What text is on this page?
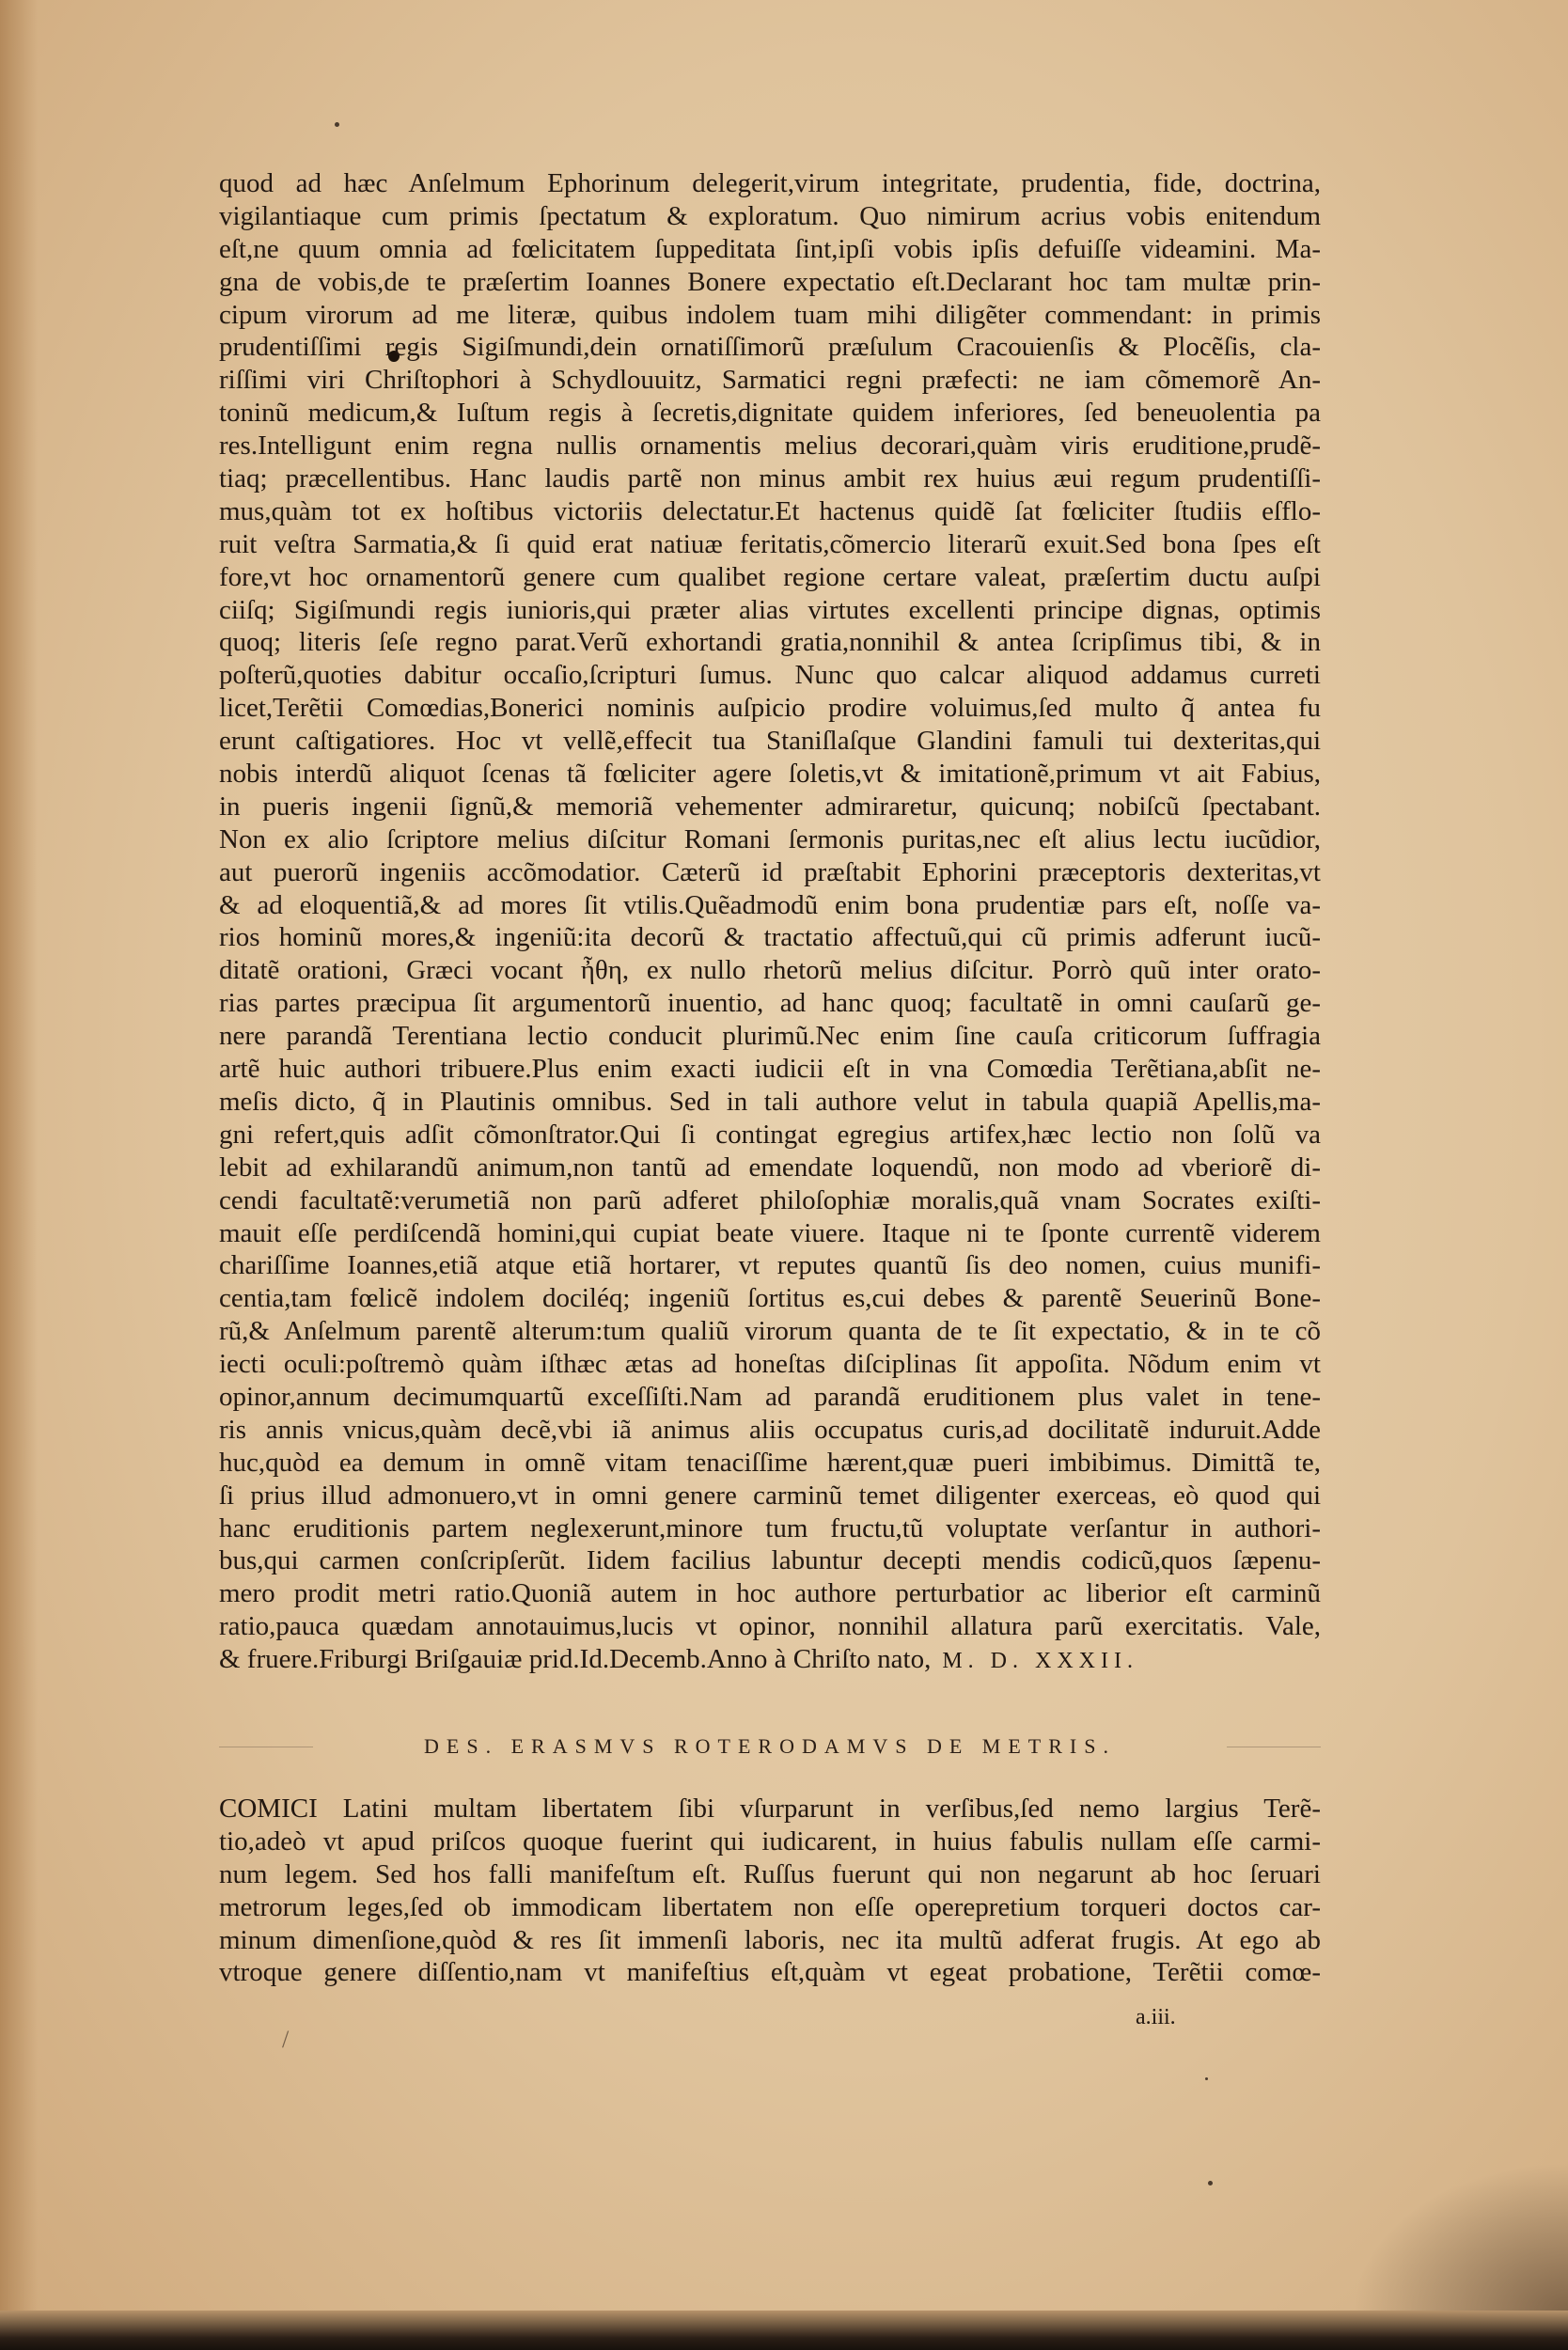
quod ad hæc Anſelmum Ephorinum delegerit,virum integritate, prudentia, fide, doctrina,
vigilantiaque cum primis ſpectatum & exploratum. Quo nimirum acrius vobis enitendum
eſt,ne quum omnia ad fœlicitatem ſuppeditata ſint,ipſi vobis ipſis defuiſſe videamini. Ma-
gna de vobis,de te præſertim Ioannes Bonere expectatio eſt.Declarant hoc tam multæ prin-
cipum virorum ad me literæ, quibus indolem tuam mihi diligẽter commendant: in primis
prudentiſſimi regis Sigiſmundi,dein ornatiſſimorũ præſulum Cracouienſis & Plocẽſis, cla-
riſſimi viri Chriſtophori à Schydlouuitz, Sarmatici regni præfecti: ne iam cõmemorẽ An-
toninũ medicum,& Iuſtum regis à ſecretis,dignitate quidem inferiores, ſed beneuolentia pa
res.Intelligunt enim regna nullis ornamentis melius decorari,quàm viris eruditione,prudẽ-
tiaq; præcellentibus. Hanc laudis partẽ non minus ambit rex huius æui regum prudentiſſi-
mus,quàm tot ex hoſtibus victoriis delectatur.Et hactenus quidẽ ſat fœliciter ſtudiis eſflo-
ruit veſtra Sarmatia,& ſi quid erat natiuæ feritatis,cõmercio literarũ exuit.Sed bona ſpes eſt
fore,vt hoc ornamentorũ genere cum qualibet regione certare valeat, præſertim ductu auſpi
ciiſq; Sigiſmundi regis iunioris,qui præter alias virtutes excellenti principe dignas, optimis
quoq; literis ſeſe regno parat.Verũ exhortandi gratia,nonnihil & antea ſcripſimus tibi, & in
poſterũ,quoties dabitur occaſio,ſcripturi ſumus. Nunc quo calcar aliquod addamus curreti
licet,Terẽtii Comœdias,Bonerici nominis auſpicio prodire voluimus,ſed multo q̃ antea fu
erunt caſtigatiores. Hoc vt vellẽ,effecit tua Staniſlaſque Glandini famuli tui dexteritas,qui
nobis interdũ aliquot ſcenas tã fœliciter agere ſoletis,vt & imitationẽ,primum vt ait Fabius,
in pueris ingenii ſignũ,& memoriã vehementer admiraretur, quicunq; nobiſcũ ſpectabant.
Non ex alio ſcriptore melius diſcitur Romani ſermonis puritas,nec eſt alius lectu iucũdior,
aut puerorũ ingeniis accõmodatior. Cæterũ id præſtabit Ephorini præceptoris dexteritas,vt
& ad eloquentiã,& ad mores ſit vtilis.Quẽadmodũ enim bona prudentiæ pars eſt, noſſe va-
rios hominũ mores,& ingeniũ:ita decorũ & tractatio affectuũ,qui cũ primis adferunt iucũ-
ditatẽ orationi, Græci vocant ἦθη, ex nullo rhetorũ melius diſcitur. Porrò quũ inter orato-
rias partes præcipua ſit argumentorũ inuentio, ad hanc quoq; facultatẽ in omni cauſarũ ge-
nere parandã Terentiana lectio conducit plurimũ.Nec enim ſine cauſa criticorum ſuffragia
artẽ huic authori tribuere.Plus enim exacti iudicii eſt in vna Comœdia Terẽtiana,abſit ne-
meſis dicto, q̃ in Plautinis omnibus. Sed in tali authore velut in tabula quapiã Apellis,ma-
gni refert,quis adſit cõmonſtrator.Qui ſi contingat egregius artifex,hæc lectio non ſolũ va
lebit ad exhilarandũ animum,non tantũ ad emendate loquendũ, non modo ad vberiorẽ di-
cendi facultatẽ:verumetiã non parũ adferet philoſophiæ moralis,quã vnam Socrates exiſti-
mauit eſſe perdiſcendã homini,qui cupiat beate viuere. Itaque ni te ſponte currentẽ viderem
chariſſime Ioannes,etiã atque etiã hortarer, vt reputes quantũ ſis deo nomen, cuius munifi-
centia,tam fœlicẽ indolem dociléq; ingeniũ ſortitus es,cui debes & parentẽ Seuerinũ Bone-
rũ,& Anſelmum parentẽ alterum:tum qualiũ virorum quanta de te ſit expectatio, & in te cõ
iecti oculi:poſtremò quàm iſthæc ætas ad honeſtas diſciplinas ſit appoſita. Nõdum enim vt
opinor,annum decimumquartũ exceſſiſti.Nam ad parandã eruditionem plus valet in tene-
ris annis vnicus,quàm decẽ,vbi iã animus aliis occupatus curis,ad docilitatẽ induruit.Adde
huc,quòd ea demum in omnẽ vitam tenaciſſime hærent,quæ pueri imbibimus. Dimittã te,
ſi prius illud admonuero,vt in omni genere carminũ temet diligenter exerceas, eò quod qui
hanc eruditionis partem neglexerunt,minore tum fructu,tũ voluptate verſantur in authori-
bus,qui carmen conſcripſerũt. Iidem facilius labuntur decepti mendis codicũ,quos ſæpenu-
mero prodit metri ratio.Quoniã autem in hoc authore perturbatior ac liberior eſt carminũ
ratio,pauca quædam annotauimus,lucis vt opinor, nonnihil allatura parũ exercitatis. Vale,
& fruere.Friburgi Briſgauiæ prid.Id.Decemb.Anno à Chriſto nato, M. D. XXXII.
DES. ERASMVS ROTERODAMVS DE METRIS.
COMICI Latini multam libertatem ſibi vſurparunt in verſibus,ſed nemo largius Terẽ-
tio,adeò vt apud priſcos quoque fuerint qui iudicarent, in huius fabulis nullam eſſe carmi-
num legem. Sed hos falli manifeſtum eſt. Ruſſus fuerunt qui non negarunt ab hoc ſeruari
metrorum leges,ſed ob immodicam libertatem non eſſe operepretium torqueri doctos car-
minum dimenſione,quòd & res ſit immenſi laboris, nec ita multũ adferat frugis. At ego ab
vtroque genere diſſentio,nam vt manifeſtius eſt,quàm vt egeat probatione, Terẽtii comœ-
a.iii.
/
